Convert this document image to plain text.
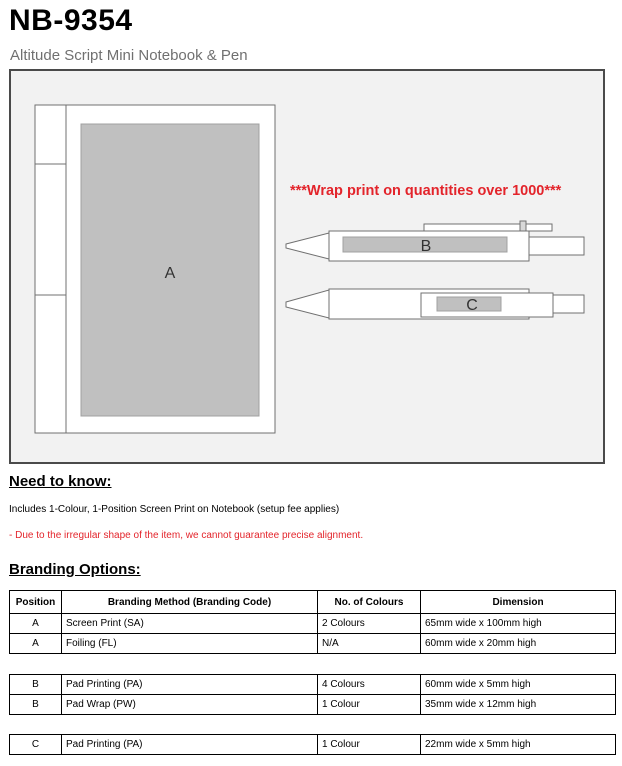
NB-9354
Altitude Script Mini Notebook & Pen
A
B
C
***Wrap print on quantities over 1000***
Need to know:
Includes 1-Colour, 1-Position Screen Print on Notebook (setup fee applies)
- Due to the irregular shape of the item, we cannot guarantee precise alignment.
Branding Options:
Position	Branding Method (Branding Code)	No. of Colours	Dimension
A	Screen Print (SA)	2 Colours	65mm wide x 100mm high
A	Foiling (FL)	N/A	60mm wide x 20mm high
B	Pad Printing (PA)	4 Colours	60mm wide x 5mm high
B	Pad Wrap (PW)	1 Colour	35mm wide x 12mm high
C	Pad Printing (PA)	1 Colour	22mm wide x 5mm high
